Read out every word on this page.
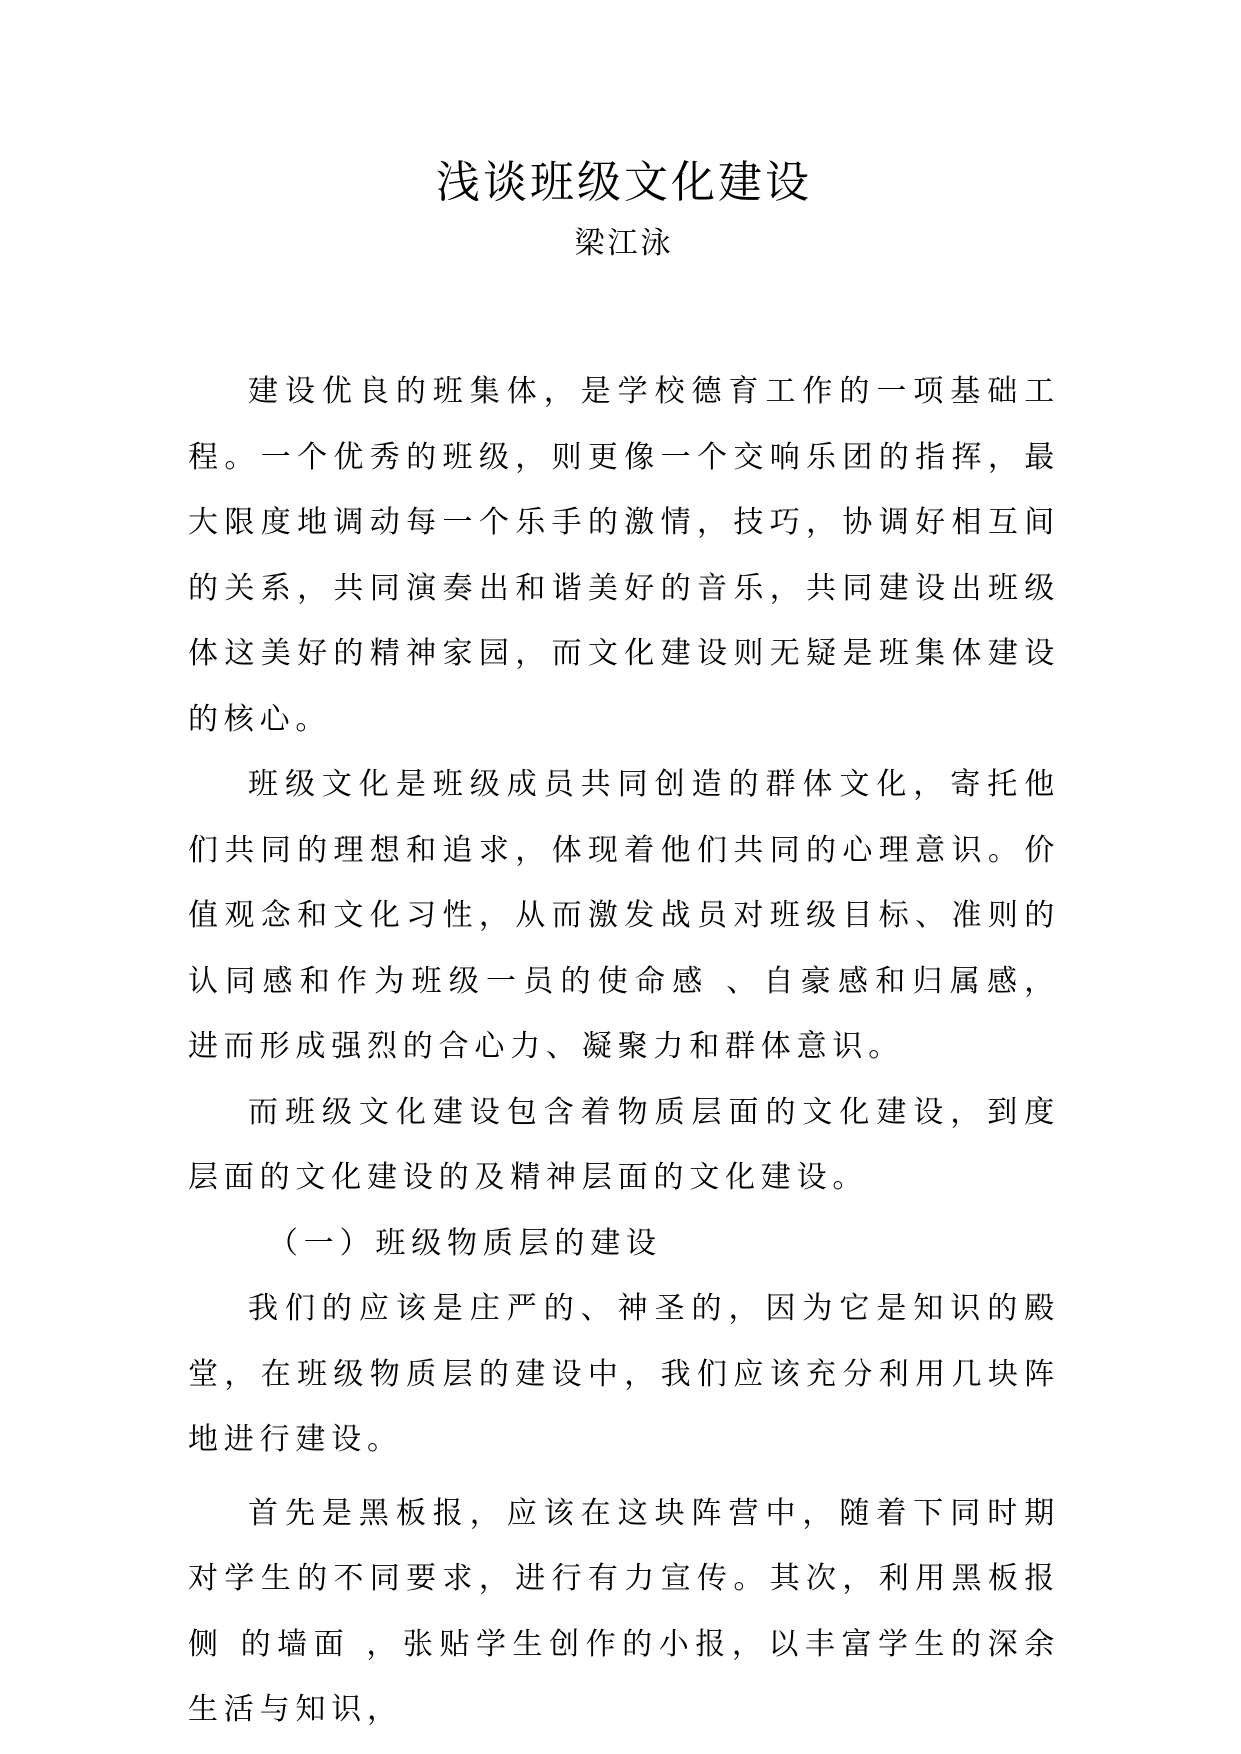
浅谈班级文化建设
梁江泳

建设优良的班集体，是学校德育工作的一项基础工程。一个优秀的班级，则更像一个交响乐团的指挥，最大限度地调动每一个乐手的激情，技巧，协调好相互间的关系，共同演奏出和谐美好的音乐，共同建设出班级体这美好的精神家园，而文化建设则无疑是班集体建设的核心。

班级文化是班级成员共同创造的群体文化，寄托他们共同的理想和追求，体现着他们共同的心理意识。价值观念和文化习性，从而激发战员对班级目标、准则的认同感和作为班级一员的使命感 、自豪感和归属感，进而形成强烈的合心力、凝聚力和群体意识。

而班级文化建设包含着物质层面的文化建设，到度层面的文化建设的及精神层面的文化建设。

（一）班级物质层的建设

我们的应该是庄严的、神圣的，因为它是知识的殿堂，在班级物质层的建设中，我们应该充分利用几块阵地进行建设。

首先是黑板报，应该在这块阵营中，随着下同时期对学生的不同要求，进行有力宣传。其次，利用黑板报侧 的墙面 ，张贴学生创作的小报，以丰富学生的深余生活与知识，
